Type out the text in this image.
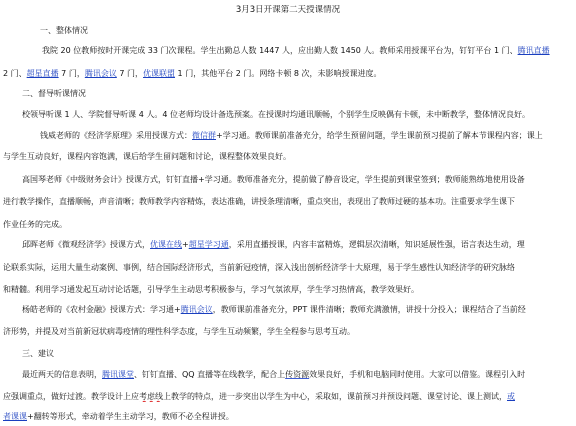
3月3日开课第二天授课情况
一、整体情况
我院 20 位教师按时开课完成 33 门次课程。学生出勤总人数 1447 人，应出勤人数 1450 人。教师采用授课平台为，钉钉平台 1 门、腾讯直播
2 门、超星直播 7 门，腾讯会议 7 门，优课联盟 1 门，其他平台 2 门。网络卡顿 8 次，未影响授课进度。
二、督导听课情况
校领导听课 1 人、学院督导听课 4 人。4 位老师均设计备选预案。在授课时均通讯顺畅，个别学生反映偶有卡顿，未中断教学，整体情况良好。
钱威老师的《经济学原理》采用授课方式：微信群+学习通。教师课前准备充分，给学生预留问题，学生课前预习提前了解本节课程内容；课上
与学生互动良好，课程内容饱满，课后给学生留问题和讨论，课程整体效果良好。
高国琴老师《中级财务会计》授课方式，钉钉直播+学习通。教师准备充分，提前做了静音设定，学生提前到课堂签到；教师能熟练地使用设备
进行教学操作，直播顺畅，声音清晰；教师教学内容精炼，表达准确，讲授条理清晰，重点突出，表现出了教师过硬的基本功。注重要求学生课下
作业任务的完成。
邱晖老师《微观经济学》授课方式，优课在线+超星学习通，采用直播授课，内容丰富精炼，逻辑层次清晰，知识延展性强，语言表达生动，理
论联系实际，运用大量生动案例、事例，结合国际经济形式，当前新冠疫情，深入浅出剖析经济学十大原理，易于学生感性认知经济学的研究脉络
和精髓。利用学习通发起互动讨论话题，引导学生主动思考积极参与，学习气氛浓厚，学生学习热情高，教学效果好。
杨皓老师的《农村金融》授课方式：学习通+腾讯会议，教师课前准备充分，PPT 课件清晰；教师充满激情，讲授十分投入；课程结合了当前经
济形势，并提及对当前新冠状病毒疫情的理性科学态度，与学生互动频繁，学生全程参与思考互动。
三、建议
最近两天的信息表明，腾讯课堂、钉钉直播、QQ 直播等在线教学，配合上传资源效果良好，手机和电脑同时使用。大家可以借鉴。课程引入时
应强调重点，做好过渡。教学设计上应考虑线上教学的特点，进一步突出以学生为中心，采取如，课前预习并预设问题、课堂讨论、课上测试，或
者课课+翻转等形式，牵动着学生主动学习，教师不必全程讲授。
